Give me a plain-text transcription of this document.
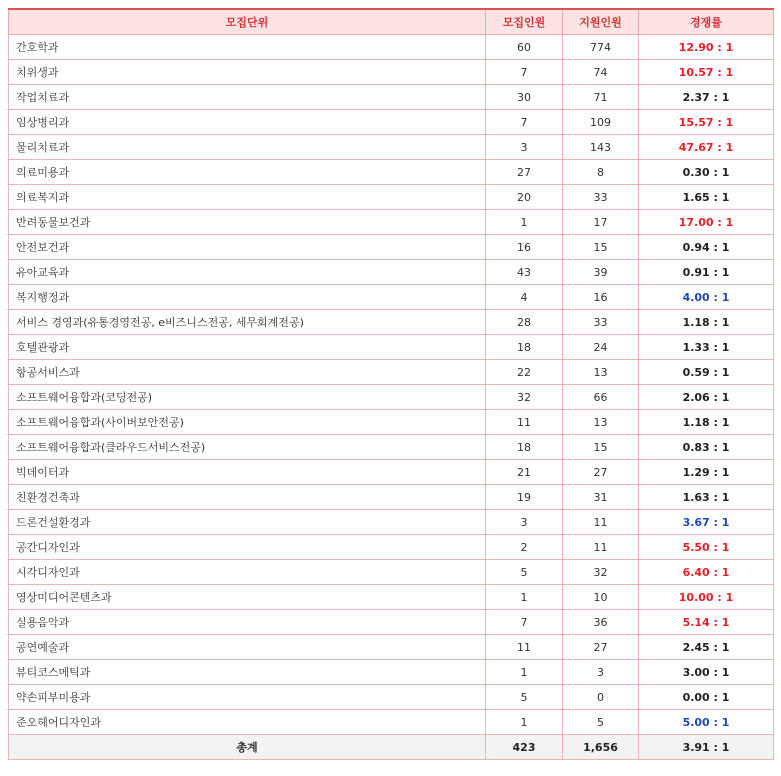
모집단위	모집인원	지원인원	경쟁률
간호학과	60	774	12.90 : 1
치위생과	7	74	10.57 : 1
작업치료과	30	71	2.37 : 1
임상병리과	7	109	15.57 : 1
물리치료과	3	143	47.67 : 1
의료미용과	27	8	0.30 : 1
의료복지과	20	33	1.65 : 1
반려동물보건과	1	17	17.00 : 1
안전보건과	16	15	0.94 : 1
유아교육과	43	39	0.91 : 1
복지행정과	4	16	4.00 : 1
서비스 경영과(유통경영전공, e비즈니스전공, 세무회계전공)	28	33	1.18 : 1
호텔관광과	18	24	1.33 : 1
항공서비스과	22	13	0.59 : 1
소프트웨어융합과(코딩전공)	32	66	2.06 : 1
소프트웨어융합과(사이버보안전공)	11	13	1.18 : 1
소프트웨어융합과(클라우드서비스전공)	18	15	0.83 : 1
빅데이터과	21	27	1.29 : 1
친환경건축과	19	31	1.63 : 1
드론건설환경과	3	11	3.67 : 1
공간디자인과	2	11	5.50 : 1
시각디자인과	5	32	6.40 : 1
영상미디어콘텐츠과	1	10	10.00 : 1
실용음악과	7	36	5.14 : 1
공연예술과	11	27	2.45 : 1
뷰티코스메틱과	1	3	3.00 : 1
약손피부미용과	5	0	0.00 : 1
준오헤어디자인과	1	5	5.00 : 1
총계	423	1,656	3.91 : 1
